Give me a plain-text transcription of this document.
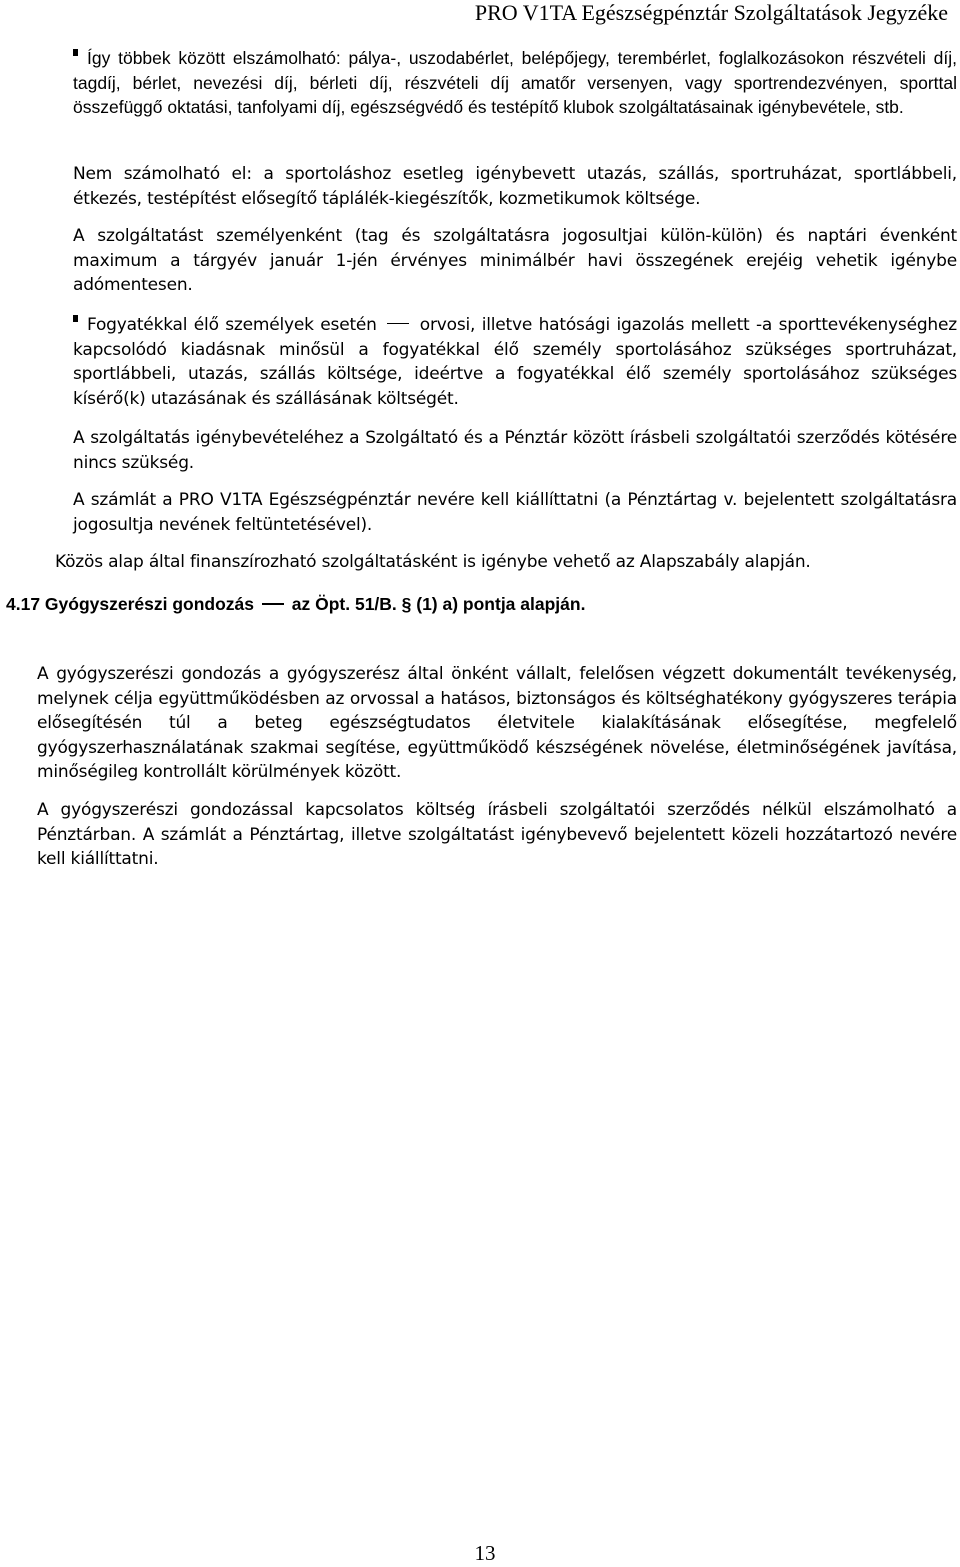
PRO V1TA Egészségpénztár Szolgáltatások Jegyzéke

Így többek között elszámolható: pálya-, uszodabérlet, belépőjegy, terembérlet, foglalkozásokon részvételi díj, tagdíj, bérlet, nevezési díj, bérleti díj, részvételi díj amatőr versenyen, vagy sportrendezvényen, sporttal összefüggő oktatási, tanfolyami díj, egészségvédő és testépítő klubok szolgáltatásainak igénybevétele, stb.

Nem számolható el: a sportoláshoz esetleg igénybevett utazás, szállás, sportruházat, sportlábbeli, étkezés, testépítést elősegítő táplálék-kiegészítők, kozmetikumok költsége.

A szolgáltatást személyenként (tag és szolgáltatásra jogosultjai külön-külön) és naptári évenként maximum a tárgyév január 1-jén érvényes minimálbér havi összegének erejéig vehetik igénybe adómentesen.

Fogyatékkal élő személyek esetén	orvosi, illetve hatósági igazolás mellett -a sporttevékenységhez kapcsolódó kiadásnak minősül a fogyatékkal élő személy sportolásához szükséges sportruházat, sportlábbeli, utazás, szállás költsége, ideértve a fogyatékkal élő személy sportolásához szükséges kísérő(k) utazásának és szállásának költségét.

A szolgáltatás igénybevételéhez a Szolgáltató és a Pénztár között írásbeli szolgáltatói szerződés kötésére nincs szükség.

A számlát a PRO V1TA Egészségpénztár nevére kell kiállíttatni (a Pénztártag v. bejelentett szolgáltatásra jogosultja nevének feltüntetésével).

Közös alap által finanszírozható szolgáltatásként is igénybe vehető az Alapszabály alapján.

4.17 Gyógyszerészi gondozás az Öpt. 51/B. § (1) a) pontja alapján.

A gyógyszerészi gondozás a gyógyszerész által önként vállalt, felelősen végzett dokumentált tevékenység, melynek célja együttműködésben az orvossal a hatásos, biztonságos és költséghatékony gyógyszeres terápia elősegítésén túl a beteg egészségtudatos életvitele kialakításának elősegítése, megfelelő gyógyszerhasználatának szakmai segítése, együttműködő készségének növelése, életminőségének javítása, minőségileg kontrollált körülmények között.

A gyógyszerészi gondozással kapcsolatos költség írásbeli szolgáltatói szerződés nélkül elszámolható a Pénztárban. A számlát a Pénztártag, illetve szolgáltatást igénybevevő bejelentett közeli hozzátartozó nevére kell kiállíttatni.

13
